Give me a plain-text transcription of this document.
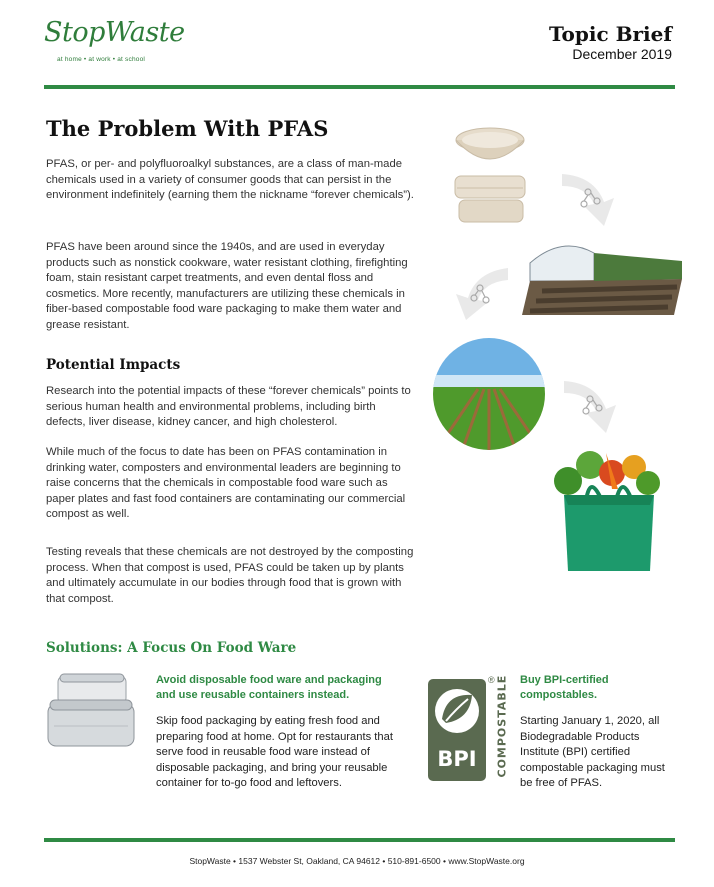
StopWaste
at home • at work • at school
Topic Brief
December 2019
The Problem With PFAS
PFAS, or per- and polyfluoroalkyl substances, are a class of man-made chemicals used in a variety of consumer goods that can persist in the environment indefinitely (earning them the nickname “forever chemicals”).
PFAS have been around since the 1940s, and are used in everyday products such as nonstick cookware, water resistant clothing, firefighting foam, stain resistant carpet treatments, and even dental floss and cosmetics. More recently, manufacturers are utilizing these chemicals in fiber-based compostable food ware packaging to make them water and grease resistant.
Potential Impacts
Research into the potential impacts of these “forever chemicals” points to serious human health and environmental problems, including birth defects, liver disease, kidney cancer, and high cholesterol.
While much of the focus to date has been on PFAS contamination in drinking water, composters and environmental leaders are beginning to raise concerns that the chemicals in compostable food ware such as paper plates and fast food containers are contaminating our commercial compost as well.
Testing reveals that these chemicals are not destroyed by the composting process. When that compost is used, PFAS could be taken up by plants and ultimately accumulate in our bodies through food that is grown with that compost.
Solutions: A Focus On Food Ware
Avoid disposable food ware and packaging and use reusable containers instead.
Skip food packaging by eating fresh food and preparing food at home. Opt for restaurants that serve food in reusable food ware instead of disposable packaging, and bring your reusable container for to-go food and leftovers.
BPI	COMPOSTABLE
® Buy BPI-certified compostables.
Starting January 1, 2020, all Biodegradable Products Institute (BPI) certified compostable packaging must be free of PFAS.
StopWaste • 1537 Webster St, Oakland, CA 94612 • 510-891-6500 • www.StopWaste.org
